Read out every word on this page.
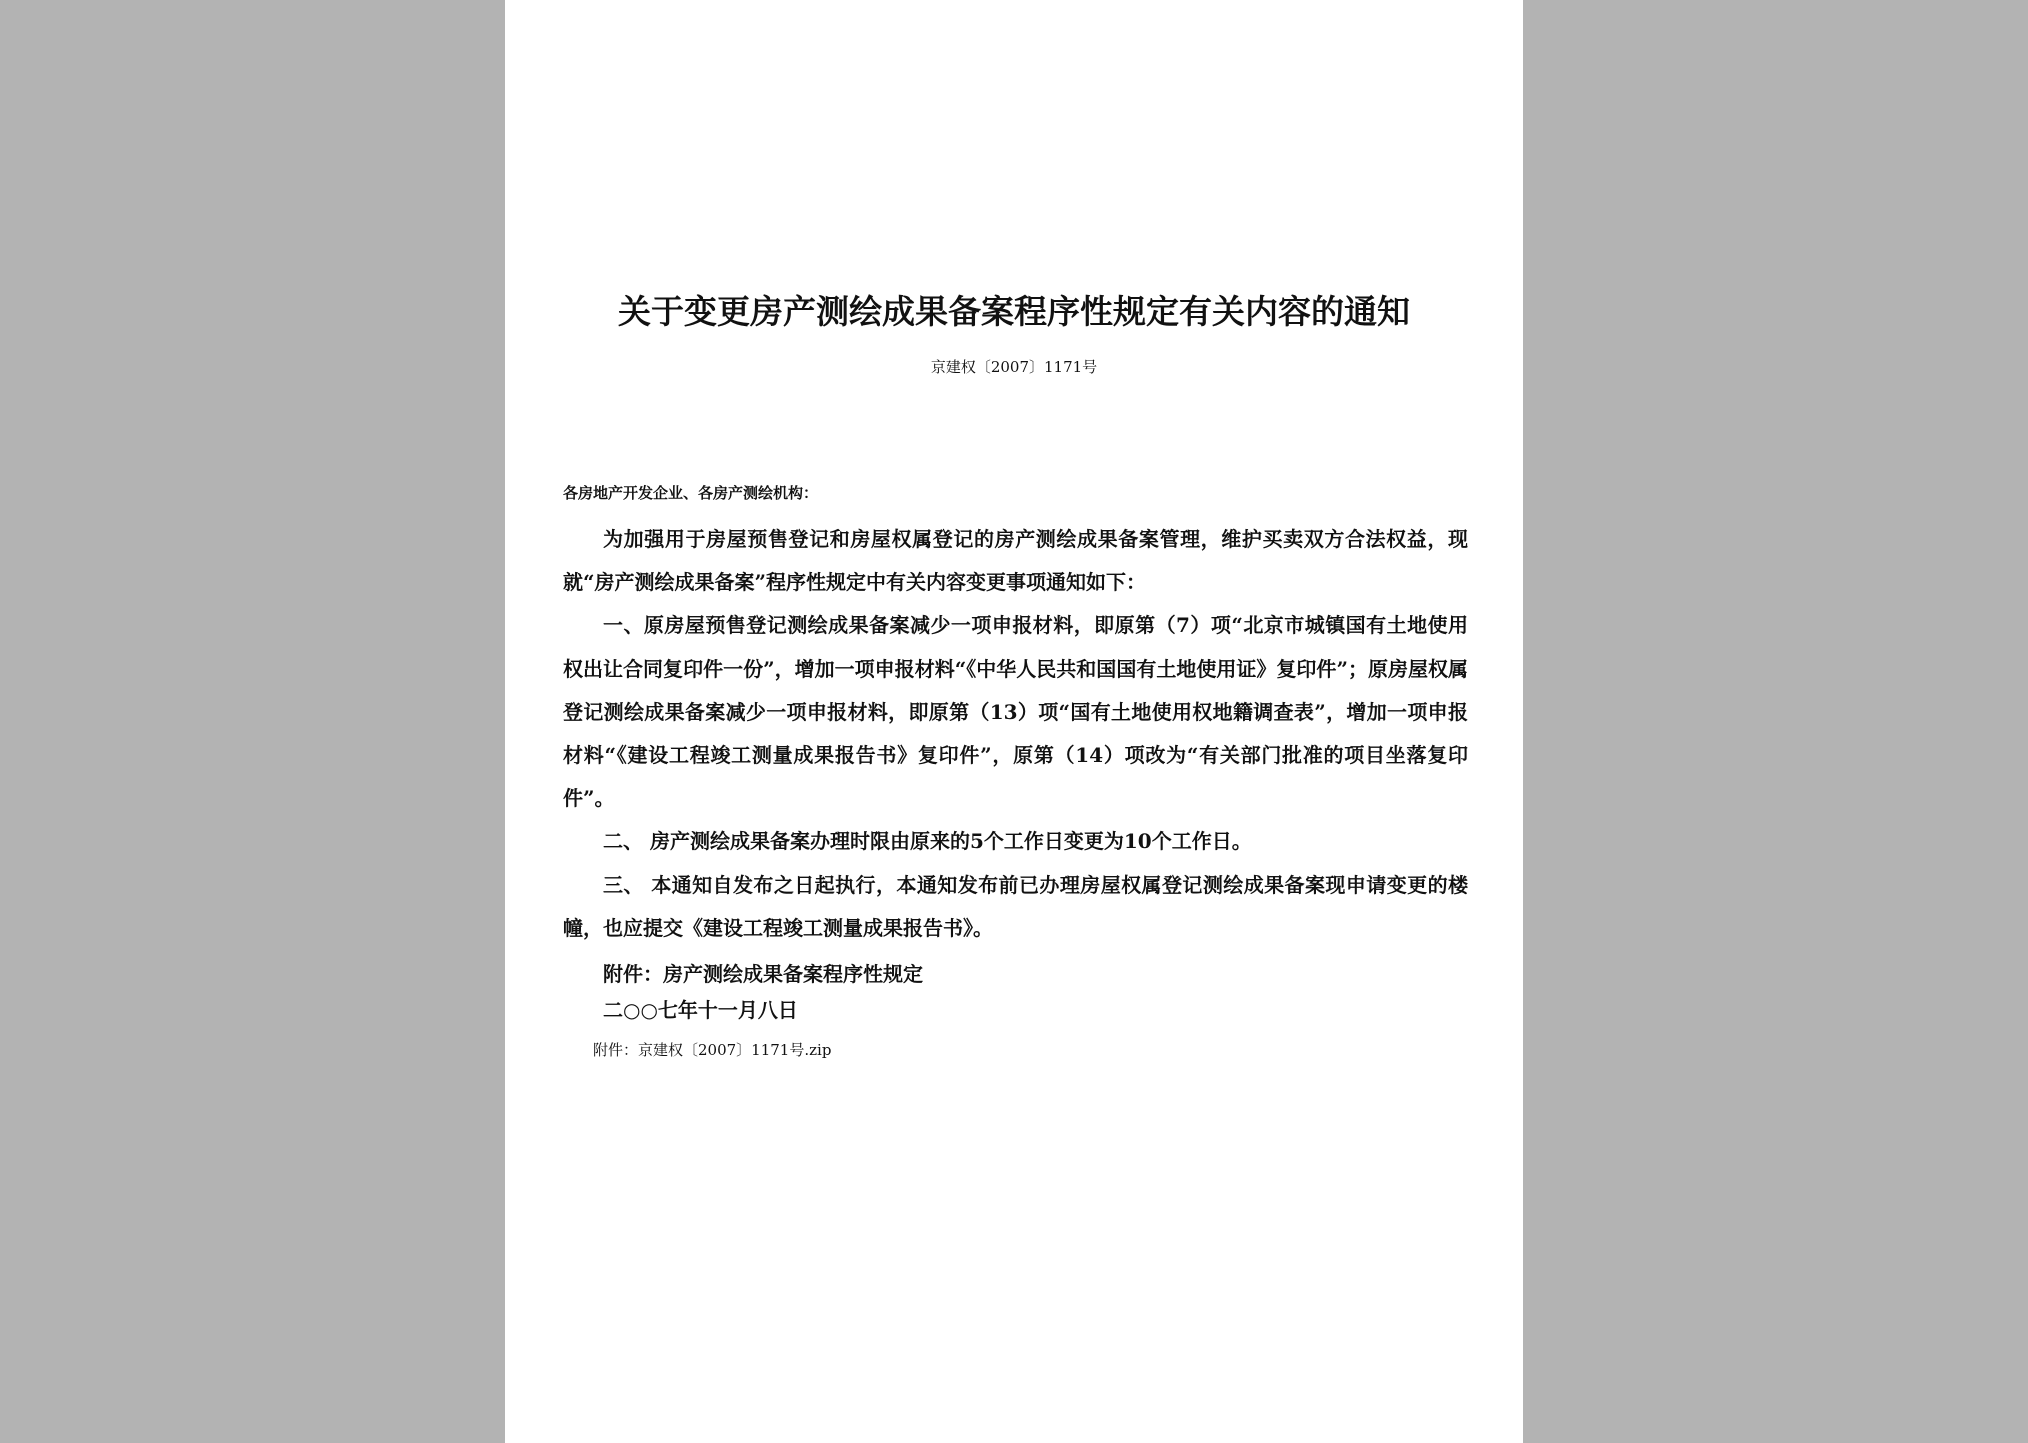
关于变更房产测绘成果备案程序性规定有关内容的通知
京建权〔2007〕1171号
各房地产开发企业、各房产测绘机构：

为加强用于房屋预售登记和房屋权属登记的房产测绘成果备案管理，维护买卖双方合法权益，现就“房产测绘成果备案”程序性规定中有关内容变更事项通知如下：

一、原房屋预售登记测绘成果备案减少一项申报材料，即原第（7）项“北京市城镇国有土地使用权出让合同复印件一份”，增加一项申报材料“《中华人民共和国国有土地使用证》复印件”；原房屋权属登记测绘成果备案减少一项申报材料，即原第（13）项“国有土地使用权地籍调查表”，增加一项申报材料“《建设工程竣工测量成果报告书》复印件”，原第（14）项改为“有关部门批准的项目坐落复印件”。

二、 房产测绘成果备案办理时限由原来的5个工作日变更为10个工作日。

三、 本通知自发布之日起执行，本通知发布前已办理房屋权属登记测绘成果备案现申请变更的楼幢，也应提交《建设工程竣工测量成果报告书》。

附件：房产测绘成果备案程序性规定
二○○七年十一月八日
附件：京建权〔2007〕1171号.zip
